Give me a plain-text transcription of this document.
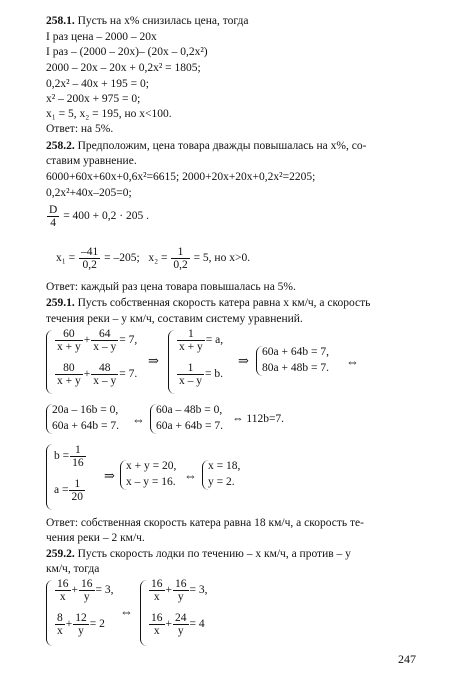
258.1. Пусть на x% снизилась цена, тогда
I раз цена – 2000 – 20x
I раз – (2000 – 20x)– (20x – 0,2x²)
2000 – 20x – 20x + 0,2x² = 1805;
0,2x² – 40x + 195 = 0;
x² – 200x + 975 = 0;
x₁ = 5, x₂ = 195, но x<100.
Ответ: на 5%.
258.2. Предположим, цена товара дважды повышалась на x%, со-
ставим уравнение.
6000+60x+60x+0,6x²=6615; 2000+20x+20x+0,2x²=2205;
0,2x²+40x–205=0;
$\frac{D}{4} = 400 + 0,2 \cdot 205$ .
$x_1 = \frac{-41}{0,2} = -205$; $x_2 = \frac{1}{0,2} = 5$, но x>0.
Ответ: каждый раз цена товара повышалась на 5%.
259.1. Пусть собственная скорость катера равна x км/ч, а скорость
течения реки – y км/ч, составим систему уравнений.
$\frac{60}{x + y} + \frac{64}{x - y} = 7$,
$\frac{80}{x + y} + \frac{48}{x - y} = 7$.
⇒
$\frac{1}{x + y} = a$,
$\frac{1}{x - y} = b$.
⇒
60a + 64b = 7,
80a + 48b = 7. ⇔
20a – 16b = 0,
60a + 64b = 7. ⇔
60a – 48b = 0,
60a + 64b = 7.
⇔ 112b=7.
$b = \frac{1}{16}$
$a = \frac{1}{20}$
⇒
x + y = 20,
x – y = 16. ⇔
x = 18,
y = 2.
Ответ: собственная скорость катера равна 18 км/ч, а скорость те-
чения реки – 2 км/ч.
259.2. Пусть скорость лодки по течению – x км/ч, а против – y
км/ч, тогда
$\frac{16}{x} + \frac{16}{y} = 3$,
$\frac{8}{x} + \frac{12}{y} = 2$
⇔
$\frac{16}{x} + \frac{16}{y} = 3$,
$\frac{16}{x} + \frac{24}{y} = 4$
247
